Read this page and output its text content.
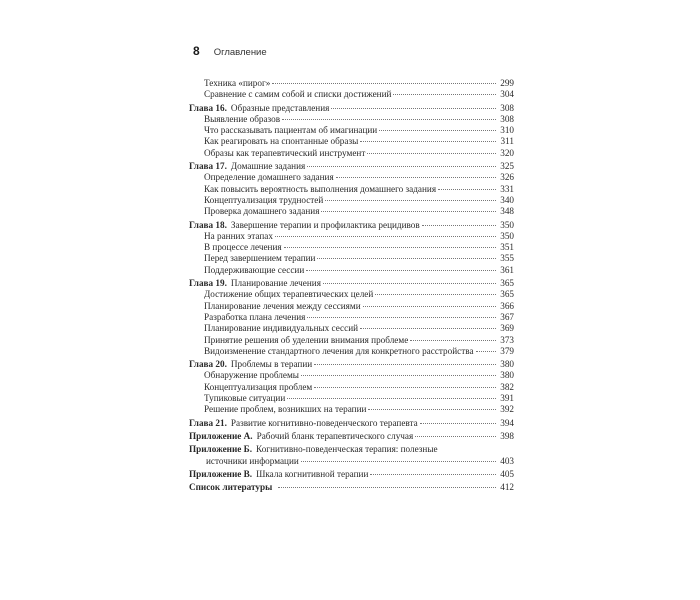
8 Оглавление
Техника «пирог»	299
Сравнение с самим собой и списки достижений	304
Глава 16. Образные представления	308
Выявление образов	308
Что рассказывать пациентам об имагинации	310
Как реагировать на спонтанные образы	311
Образы как терапевтический инструмент	320
Глава 17. Домашние задания	325
Определение домашнего задания	326
Как повысить вероятность выполнения домашнего задания	331
Концептуализация трудностей	340
Проверка домашнего задания	348
Глава 18. Завершение терапии и профилактика рецидивов	350
На ранних этапах	350
В процессе лечения	351
Перед завершением терапии	355
Поддерживающие сессии	361
Глава 19. Планирование лечения	365
Достижение общих терапевтических целей	365
Планирование лечения между сессиями	366
Разработка плана лечения	367
Планирование индивидуальных сессий	369
Принятие решения об уделении внимания проблеме	373
Видоизменение стандартного лечения для конкретного расстройства	379
Глава 20. Проблемы в терапии	380
Обнаружение проблемы	380
Концептуализация проблем	382
Тупиковые ситуации	391
Решение проблем, возникших на терапии	392
Глава 21. Развитие когнитивно-поведенческого терапевта	394
Приложение А. Рабочий бланк терапевтического случая	398
Приложение Б. Когнитивно-поведенческая терапия: полезные
источники информации	403
Приложение В. Шкала когнитивной терапии	405
Список литературы	412
